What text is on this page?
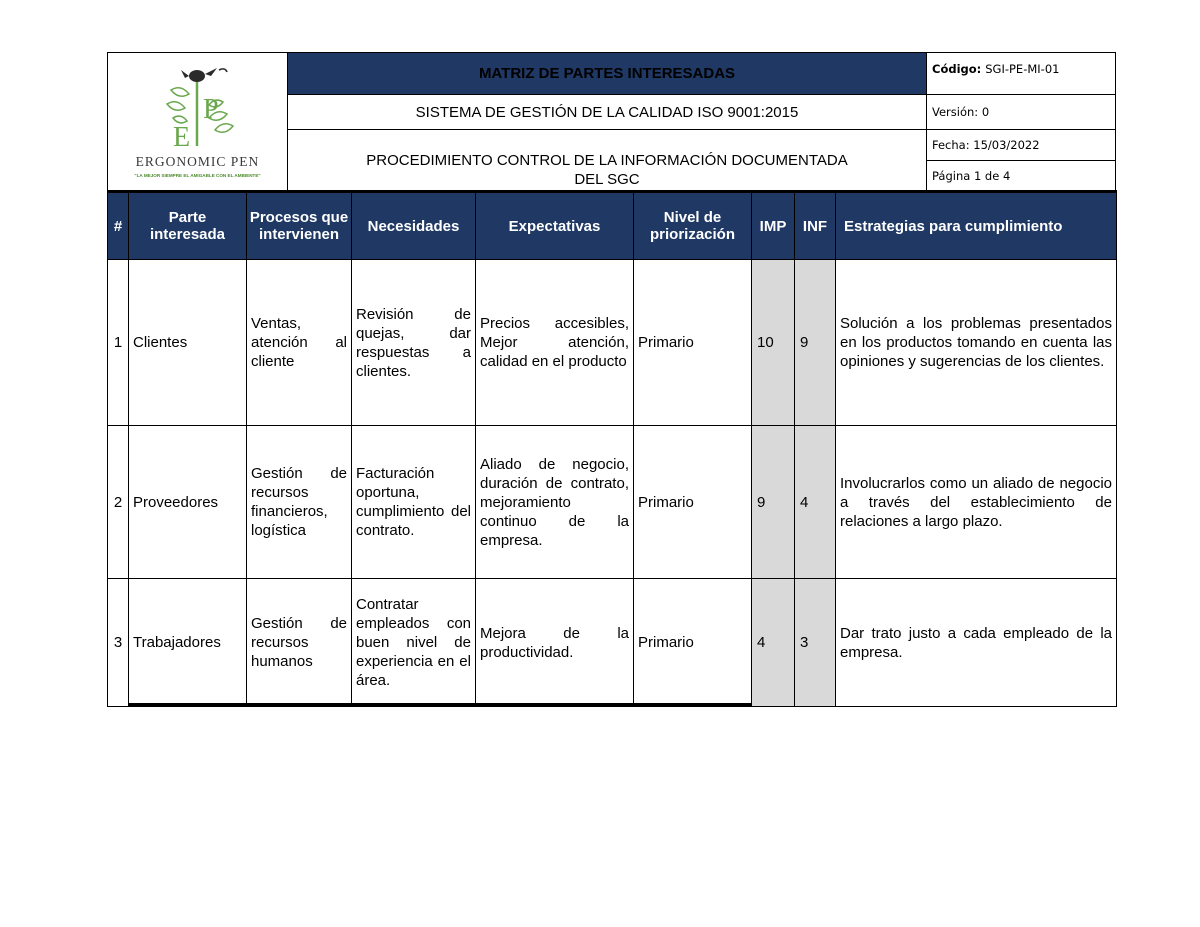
P
E
ERGONOMIC PEN
"LA MEJOR SIEMPRE EL AMIGABLE CON EL AMBIENTE"
MATRIZ DE PARTES INTERESADAS
SISTEMA DE GESTIÓN DE LA CALIDAD ISO 9001:2015
PROCEDIMIENTO CONTROL DE LA INFORMACIÓN DOCUMENTADA
DEL SGC
Código: SGI-PE-MI-01
Versión:
0
Fecha:
15/03/2022
Página 1 de 4
#	Parte interesada	Procesos que intervienen	Necesidades	Expectativas	Nivel de priorización	IMP	INF	Estrategias para cumplimiento
1	Clientes	Ventas, atención al cliente	Revisión de quejas, dar respuestas a clientes.	Precios accesibles, Mejor atención, calidad en el producto	Primario	10	9	Solución a los problemas presentados en los productos tomando en cuenta las opiniones y sugerencias de los clientes.
2	Proveedores	Gestión de recursos financieros, logística	Facturación oportuna, cumplimiento del contrato.	Aliado de negocio, duración de contrato, mejoramiento continuo de la empresa.	Primario	9	4	Involucrarlos como un aliado de negocio a través del establecimiento de relaciones a largo plazo.
3	Trabajadores	Gestión de recursos humanos	Contratar empleados con buen nivel de experiencia en el área.	Mejora de la productividad.	Primario	4	3	Dar trato justo a cada empleado de la empresa.
